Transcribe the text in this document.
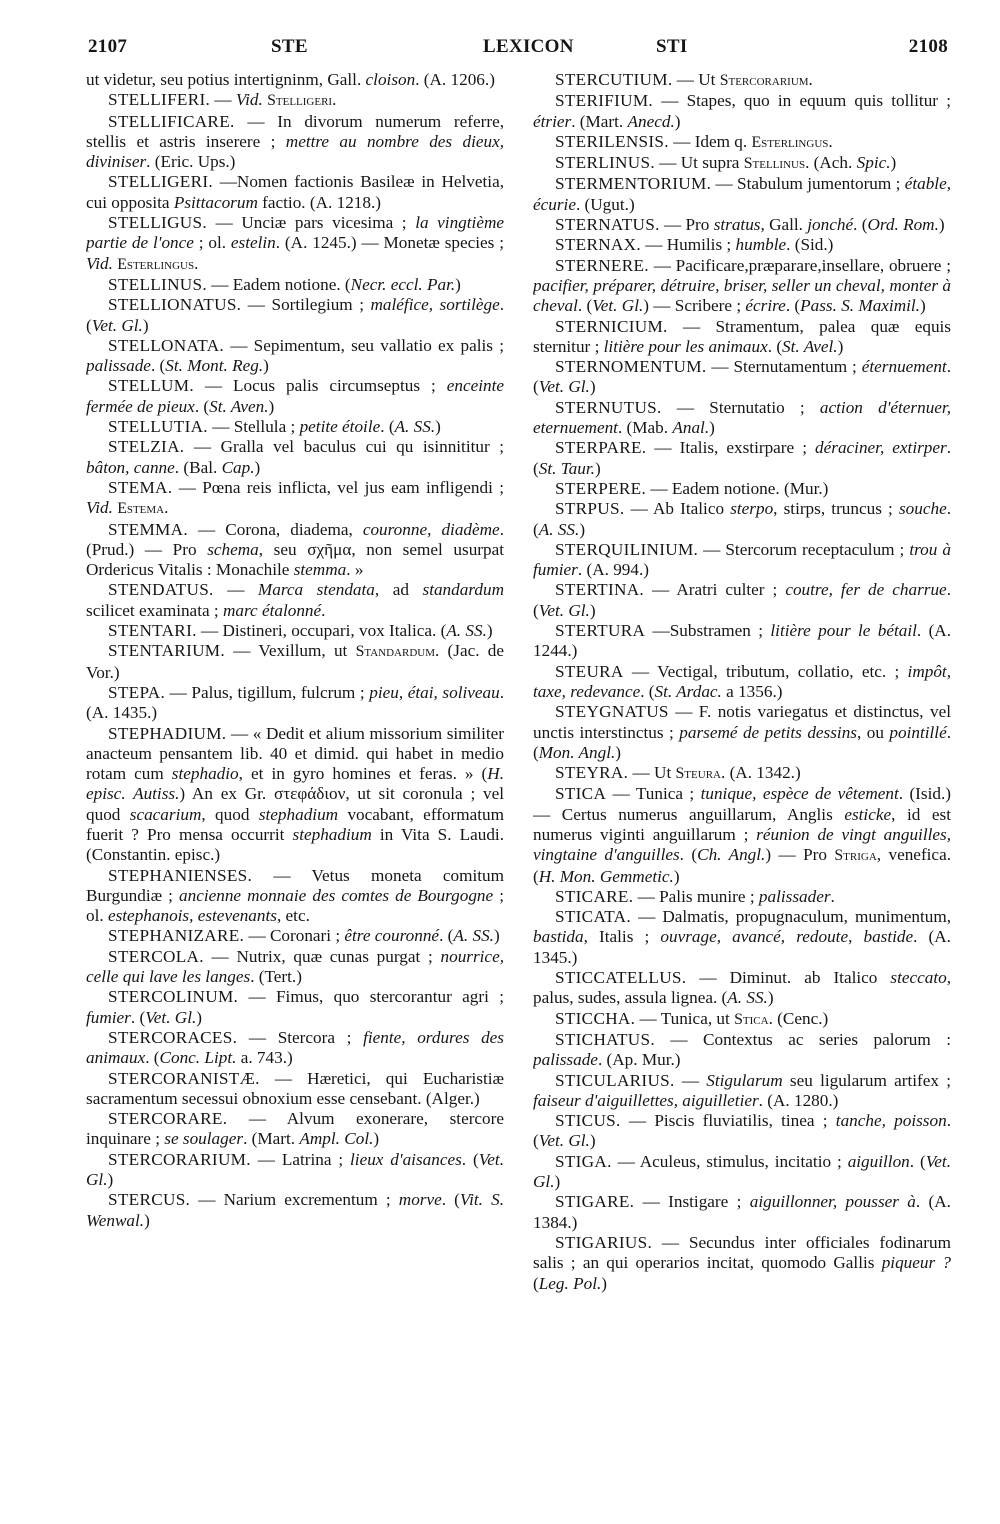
2107	STE	LEXICON	STI	2108

ut videtur, seu potius intertigninm, Gall. cloison. (A. 1206.)

STELLIFERI. — Vid. Stelligeri.

STELLIFICARE. — In divorum numerum referre, stellis et astris inserere ; mettre au nombre des dieux, diviniser. (Eric. Ups.)

STELLIGERI. —Nomen factionis Basileæ in Helvetia, cui opposita Psittacorum factio. (A. 1218.)

STELLIGUS. — Unciæ pars vicesima ; la vingtième partie de l'once ; ol. estelin. (A. 1245.) — Monetæ species ; Vid. Esterlingus.

STELLINUS. — Eadem notione. (Necr. eccl. Par.)

STELLIONATUS. — Sortilegium ; maléfice, sortilège. (Vet. Gl.)

STELLONATA. — Sepimentum, seu vallatio ex palis ; palissade. (St. Mont. Reg.)

STELLUM. — Locus palis circumseptus ; enceinte fermée de pieux. (St. Aven.)

STELLUTIA. — Stellula ; petite étoile. (A. SS.)

STELZIA. — Gralla vel baculus cui qu isinnititur ; bâton, canne. (Bal. Cap.)

STEMA. — Pœna reis inflicta, vel jus eam infligendi ; Vid. Estema.

STEMMA. — Corona, diadema, couronne, diadème. (Prud.) — Pro schema, seu σχῆμα, non semel usurpat Ordericus Vitalis : Monachile stemma. »

STENDATUS. — Marca stendata, ad standardum scilicet examinata ; marc étalonné.

STENTARI. — Distineri, occupari, vox Italica. (A. SS.)

STENTARIUM. — Vexillum, ut Standardum. (Jac. de Vor.)

STEPA. — Palus, tigillum, fulcrum ; pieu, étai, soliveau. (A. 1435.)

STEPHADIUM. — « Dedit et alium missorium similiter anacteum pensantem lib. 40 et dimid. qui habet in medio rotam cum stephadio, et in gyro homines et feras. » (H. episc. Autiss.) An ex Gr. στεφάδιον, ut sit coronula ; vel quod scacarium, quod stephadium vocabant, efformatum fuerit ? Pro mensa occurrit stephadium in Vita S. Laudi. (Constantin. episc.)

STEPHANIENSES. — Vetus moneta comitum Burgundiæ ; ancienne monnaie des comtes de Bourgogne ; ol. estephanois, estevenants, etc.

STEPHANIZARE. — Coronari ; être couronné. (A. SS.)

STERCOLA. — Nutrix, quæ cunas purgat ; nourrice, celle qui lave les langes. (Tert.)

STERCOLINUM. — Fimus, quo stercorantur agri ; fumier. (Vet. Gl.)

STERCORACES. — Stercora ; fiente, ordures des animaux. (Conc. Lipt. a. 743.)

STERCORANISTÆ. — Hæretici, qui Eucharistiæ sacramentum secessui obnoxium esse censebant. (Alger.)

STERCORARE. — Alvum exonerare, stercore inquinare ; se soulager. (Mart. Ampl. Col.)

STERCORARIUM. — Latrina ; lieux d'aisances. (Vet. Gl.)

STERCUS. — Narium excrementum ; morve. (Vit. S. Wenwal.)

STERCUTIUM. — Ut Stercorarium.

STERIFIUM. — Stapes, quo in equum quis tollitur ; étrier. (Mart. Anecd.)

STERILENSIS. — Idem q. Esterlingus.

STERLINUS. — Ut supra Stellinus. (Ach. Spic.)

STERMENTORIUM. — Stabulum jumentorum ; étable, écurie. (Ugut.)

STERNATUS. — Pro stratus, Gall. jonché. (Ord. Rom.)

STERNAX. — Humilis ; humble. (Sid.)

STERNERE. — Pacificare,præparare,insellare, obruere ; pacifier, préparer, détruire, briser, seller un cheval, monter à cheval. (Vet. Gl.) — Scribere ; écrire. (Pass. S. Maximil.)

STERNICIUM. — Stramentum, palea quæ equis sternitur ; litière pour les animaux. (St. Avel.)

STERNOMENTUM. — Sternutamentum ; éternuement. (Vet. Gl.)

STERNUTUS. — Sternutatio ; action d'éternuer, eternuement. (Mab. Anal.)

STERPARE. — Italis, exstirpare ; déraciner, extirper. (St. Taur.)

STERPERE. — Eadem notione. (Mur.)

STRPUS. — Ab Italico sterpo, stirps, truncus ; souche. (A. SS.)

STERQUILINIUM. — Stercorum receptaculum ; trou à fumier. (A. 994.)

STERTINA. — Aratri culter ; coutre, fer de charrue. (Vet. Gl.)

STERTURA —Substramen ; litière pour le bétail. (A. 1244.)

STEURA — Vectigal, tributum, collatio, etc. ; impôt, taxe, redevance. (St. Ardac. a 1356.)

STEYGNATUS — F. notis variegatus et distinctus, vel unctis interstinctus ; parsemé de petits dessins, ou pointillé. (Mon. Angl.)

STEYRA. — Ut Steura. (A. 1342.)

STICA — Tunica ; tunique, espèce de vêtement. (Isid.) — Certus numerus anguillarum, Anglis esticke, id est numerus viginti anguillarum ; réunion de vingt anguilles, vingtaine d'anguilles. (Ch. Angl.) — Pro Striga, venefica. (H. Mon. Gemmetic.)

STICARE. — Palis munire ; palissader.

STICATA. — Dalmatis, propugnaculum, munimentum, bastida, Italis ; ouvrage, avancé, redoute, bastide. (A. 1345.)

STICCATELLUS. — Diminut. ab Italico steccato, palus, sudes, assula lignea. (A. SS.)

STICCHA. — Tunica, ut Stica. (Cenc.)

STICHATUS. — Contextus ac series palorum : palissade. (Ap. Mur.)

STICULARIUS. — Stigularum seu ligularum artifex ; faiseur d'aiguillettes, aiguilletier. (A. 1280.)

STICUS. — Piscis fluviatilis, tinea ; tanche, poisson. (Vet. Gl.)

STIGA. — Aculeus, stimulus, incitatio ; aiguillon. (Vet. Gl.)

STIGARE. — Instigare ; aiguillonner, pousser à. (A. 1384.)

STIGARIUS. — Secundus inter officiales fodinarum salis ; an qui operarios incitat, quomodo Gallis piqueur ? (Leg. Pol.)
